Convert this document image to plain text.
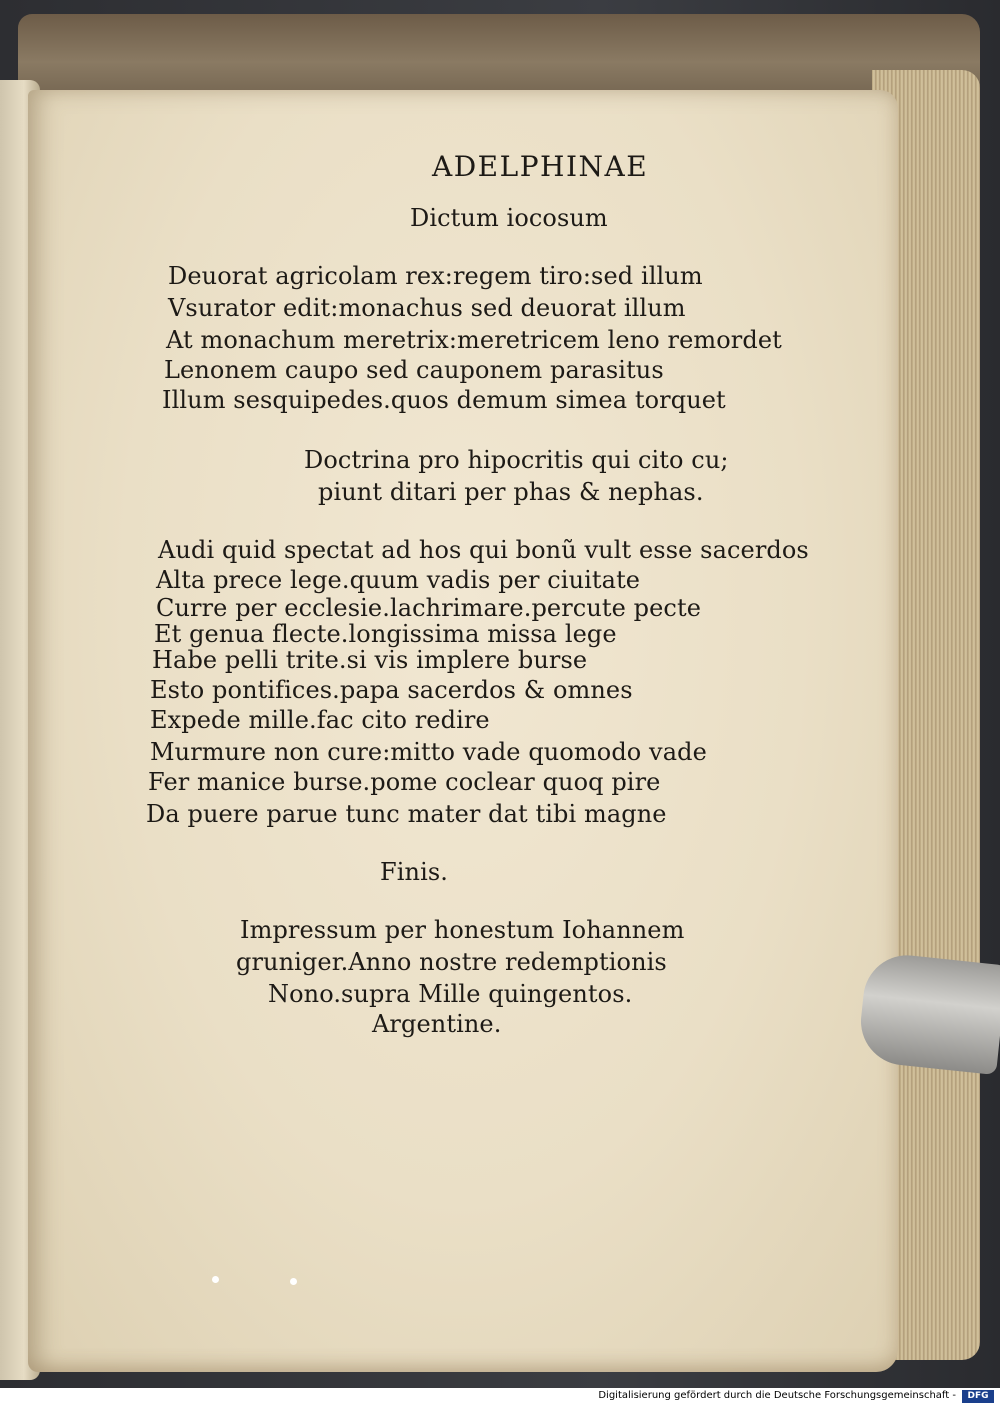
ADELPHINAE
Dictum iocosum
Deuorat agricolam rex:regem tiro:sed illum
Vsurator edit:monachus sed deuorat illum
At monachum meretrix:meretricem leno remordet
Lenonem caupo sed cauponem parasitus
Illum sesquipedes.quos demum simea torquet
Doctrina pro hipocritis qui cito cu;
piunt ditari per phas & nephas.
Audi quid spectat ad hos qui bonũ vult esse sacerdos
Alta prece lege.quum vadis per ciuitate
Curre per ecclesie.lachrimare.percute pecte
Et genua flecte.longissima missa lege
Habe pelli trite.si vis implere burse
Esto pontifices.papa sacerdos & omnes
Expede mille.fac cito redire
Murmure non cure:mitto vade quomodo vade
Fer manice burse.pome coclear quoq pire
Da puere parue tunc mater dat tibi magne
Finis.
Impressum per honestum Iohannem
gruniger.Anno nostre redemptionis
Nono.supra Mille quingentos.
Argentine.
Digitalisierung gefördert durch die Deutsche Forschungsgemeinschaft -	DFG
